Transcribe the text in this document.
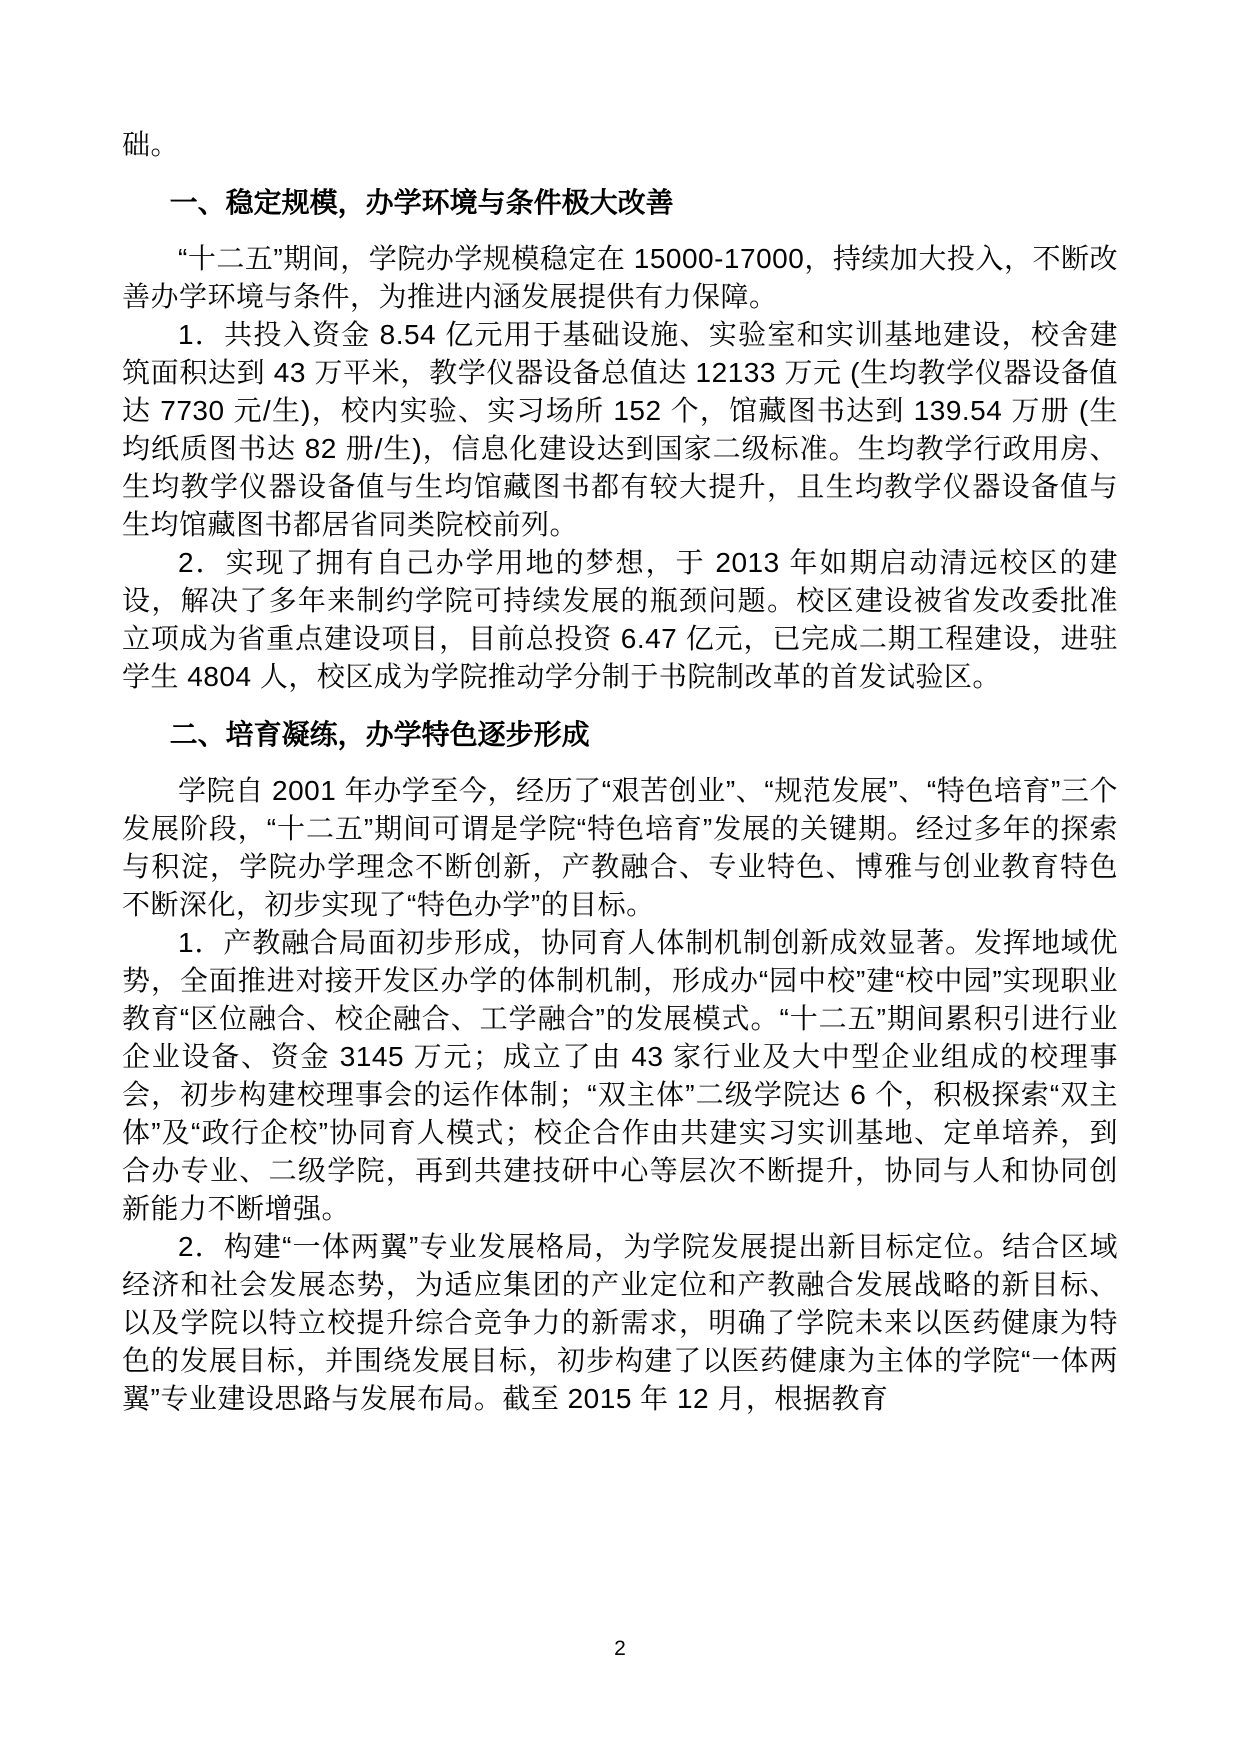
础。

一、稳定规模，办学环境与条件极大改善

“十二五”期间，学院办学规模稳定在 15000-17000，持续加大投入，不断改善办学环境与条件，为推进内涵发展提供有力保障。

1．共投入资金 8.54 亿元用于基础设施、实验室和实训基地建设，校舍建筑面积达到 43 万平米，教学仪器设备总值达 12133 万元 (生均教学仪器设备值达 7730 元/生)，校内实验、实习场所 152 个，馆藏图书达到 139.54 万册 (生均纸质图书达 82 册/生)，信息化建设达到国家二级标准。生均教学行政用房、生均教学仪器设备值与生均馆藏图书都有较大提升，且生均教学仪器设备值与生均馆藏图书都居省同类院校前列。

2．实现了拥有自己办学用地的梦想，于 2013 年如期启动清远校区的建设，解决了多年来制约学院可持续发展的瓶颈问题。校区建设被省发改委批准立项成为省重点建设项目，目前总投资 6.47 亿元，已完成二期工程建设，进驻学生 4804 人，校区成为学院推动学分制于书院制改革的首发试验区。

二、培育凝练，办学特色逐步形成

学院自 2001 年办学至今，经历了“艰苦创业”、“规范发展”、“特色培育”三个发展阶段，“十二五”期间可谓是学院“特色培育”发展的关键期。经过多年的探索与积淀，学院办学理念不断创新，产教融合、专业特色、博雅与创业教育特色不断深化，初步实现了“特色办学”的目标。

1．产教融合局面初步形成，协同育人体制机制创新成效显著。发挥地域优势，全面推进对接开发区办学的体制机制，形成办“园中校”建“校中园”实现职业教育“区位融合、校企融合、工学融合”的发展模式。“十二五”期间累积引进行业企业设备、资金 3145 万元；成立了由 43 家行业及大中型企业组成的校理事会，初步构建校理事会的运作体制；“双主体”二级学院达 6 个，积极探索“双主体”及“政行企校”协同育人模式；校企合作由共建实习实训基地、定单培养，到合办专业、二级学院，再到共建技研中心等层次不断提升，协同与人和协同创新能力不断增强。

2．构建“一体两翼”专业发展格局，为学院发展提出新目标定位。结合区域经济和社会发展态势，为适应集团的产业定位和产教融合发展战略的新目标、以及学院以特立校提升综合竞争力的新需求，明确了学院未来以医药健康为特色的发展目标，并围绕发展目标，初步构建了以医药健康为主体的学院“一体两翼”专业建设思路与发展布局。截至 2015 年 12 月，根据教育

2
